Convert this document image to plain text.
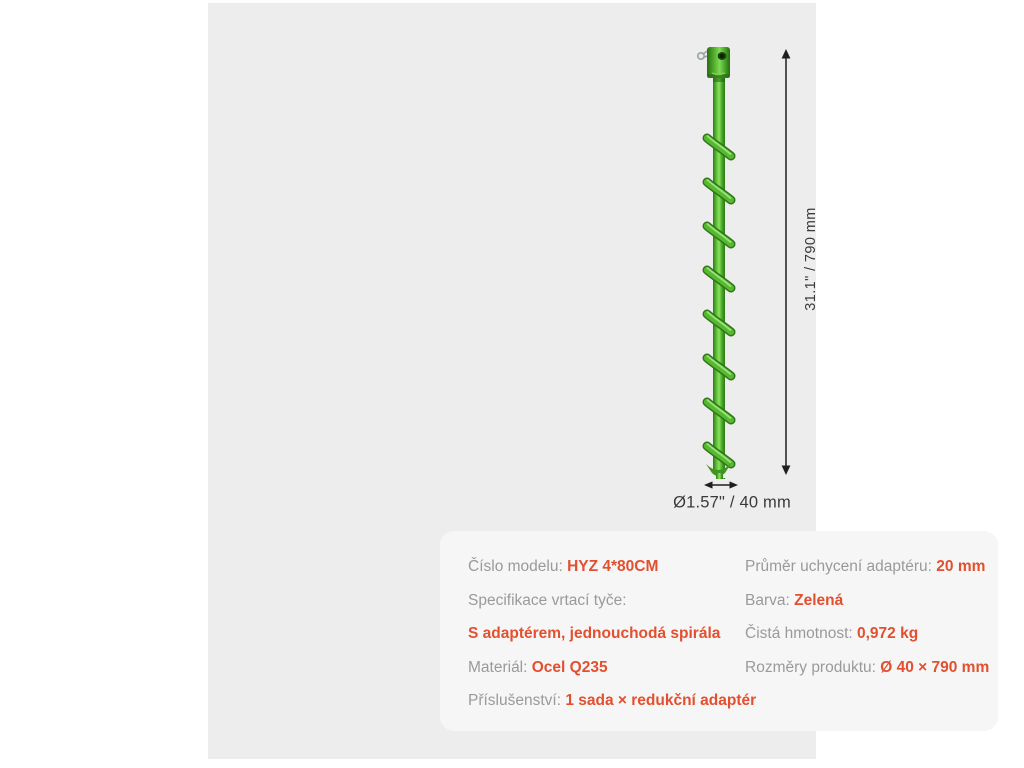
31.1" / 790 mm
Ø1.57" / 40 mm
Číslo modelu: HYZ 4*80CM
Specifikace vrtací tyče:
S adaptérem, jednouchodá spirála
Materiál: Ocel Q235
Příslušenství: 1 sada × redukční adaptér
Průměr uchycení adaptéru: 20 mm
Barva: Zelená
Čistá hmotnost: 0,972 kg
Rozměry produktu: Ø 40 × 790 mm
